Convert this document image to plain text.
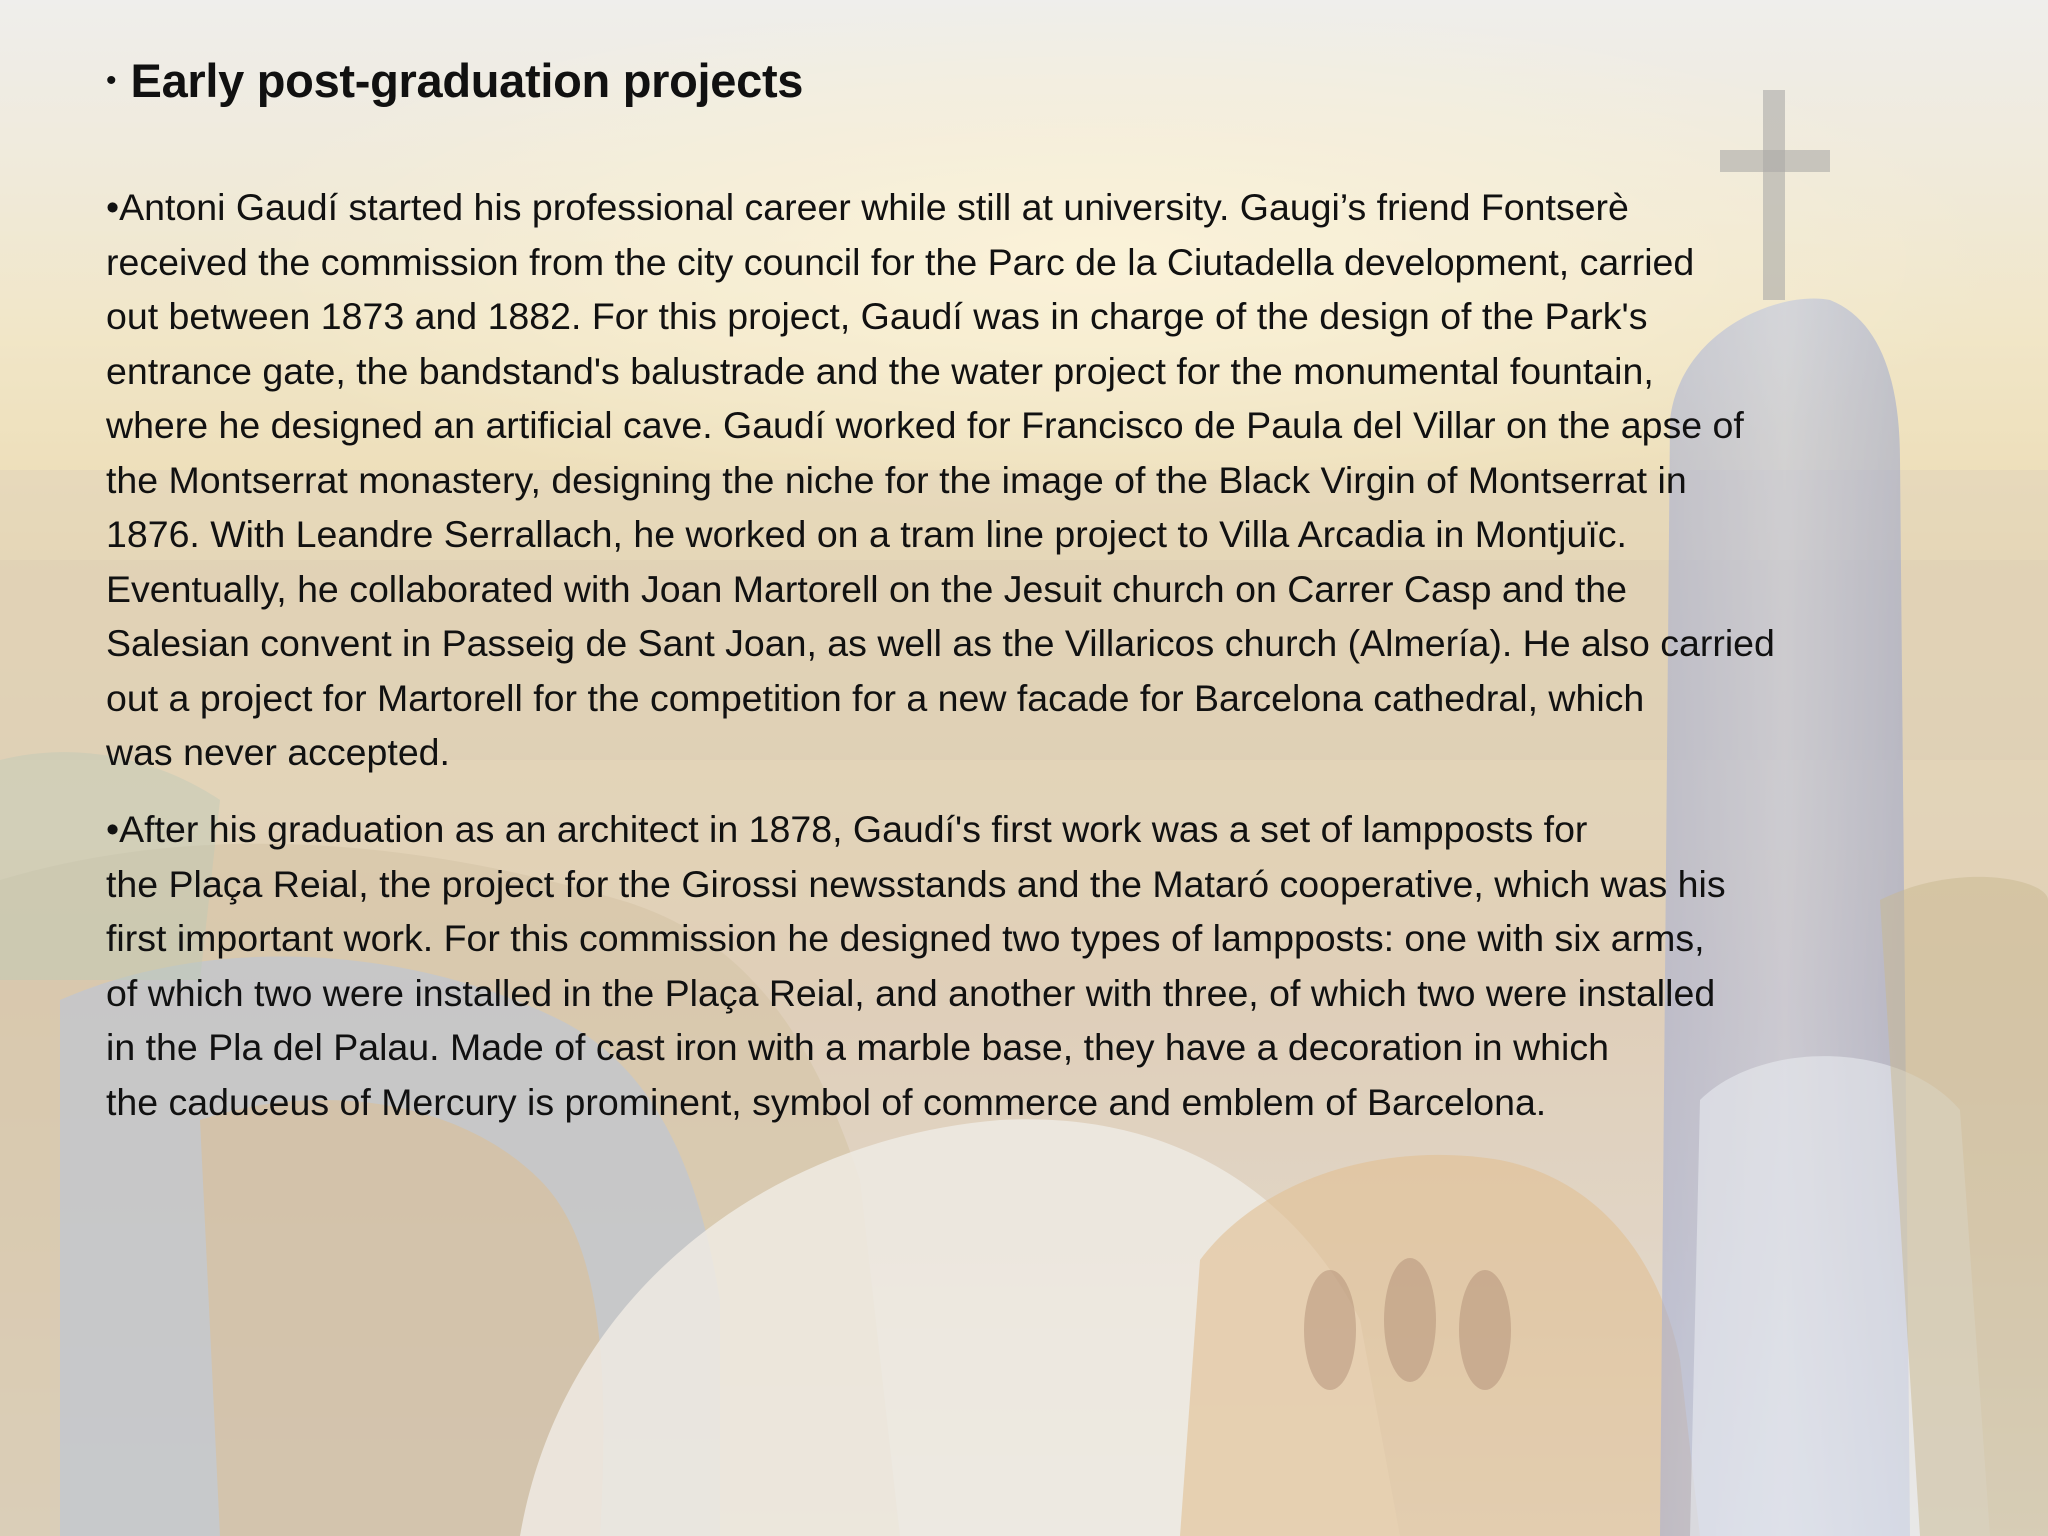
• Early post-graduation projects

•Antoni Gaudí started his professional career while still at university. Gaugi’s friend Fontserè
received the commission from the city council for the Parc de la Ciutadella development, carried
out between 1873 and 1882. For this project, Gaudí was in charge of the design of the Park's
entrance gate, the bandstand's balustrade and the water project for the monumental fountain,
where he designed an artificial cave. Gaudí worked for Francisco de Paula del Villar on the apse of
the Montserrat monastery, designing the niche for the image of the Black Virgin of Montserrat in
1876. With Leandre Serrallach, he worked on a tram line project to Villa Arcadia in Montjuïc.
Eventually, he collaborated with Joan Martorell on the Jesuit church on Carrer Casp and the
Salesian convent in Passeig de Sant Joan, as well as the Villaricos church (Almería). He also carried
out a project for Martorell for the competition for a new facade for Barcelona cathedral, which
was never accepted.

•After his graduation as an architect in 1878, Gaudí's first work was a set of lampposts for
the Plaça Reial, the project for the Girossi newsstands and the Mataró cooperative, which was his
first important work. For this commission he designed two types of lampposts: one with six arms,
of which two were installed in the Plaça Reial, and another with three, of which two were installed
in the Pla del Palau. Made of cast iron with a marble base, they have a decoration in which
the caduceus of Mercury is prominent, symbol of commerce and emblem of Barcelona.
